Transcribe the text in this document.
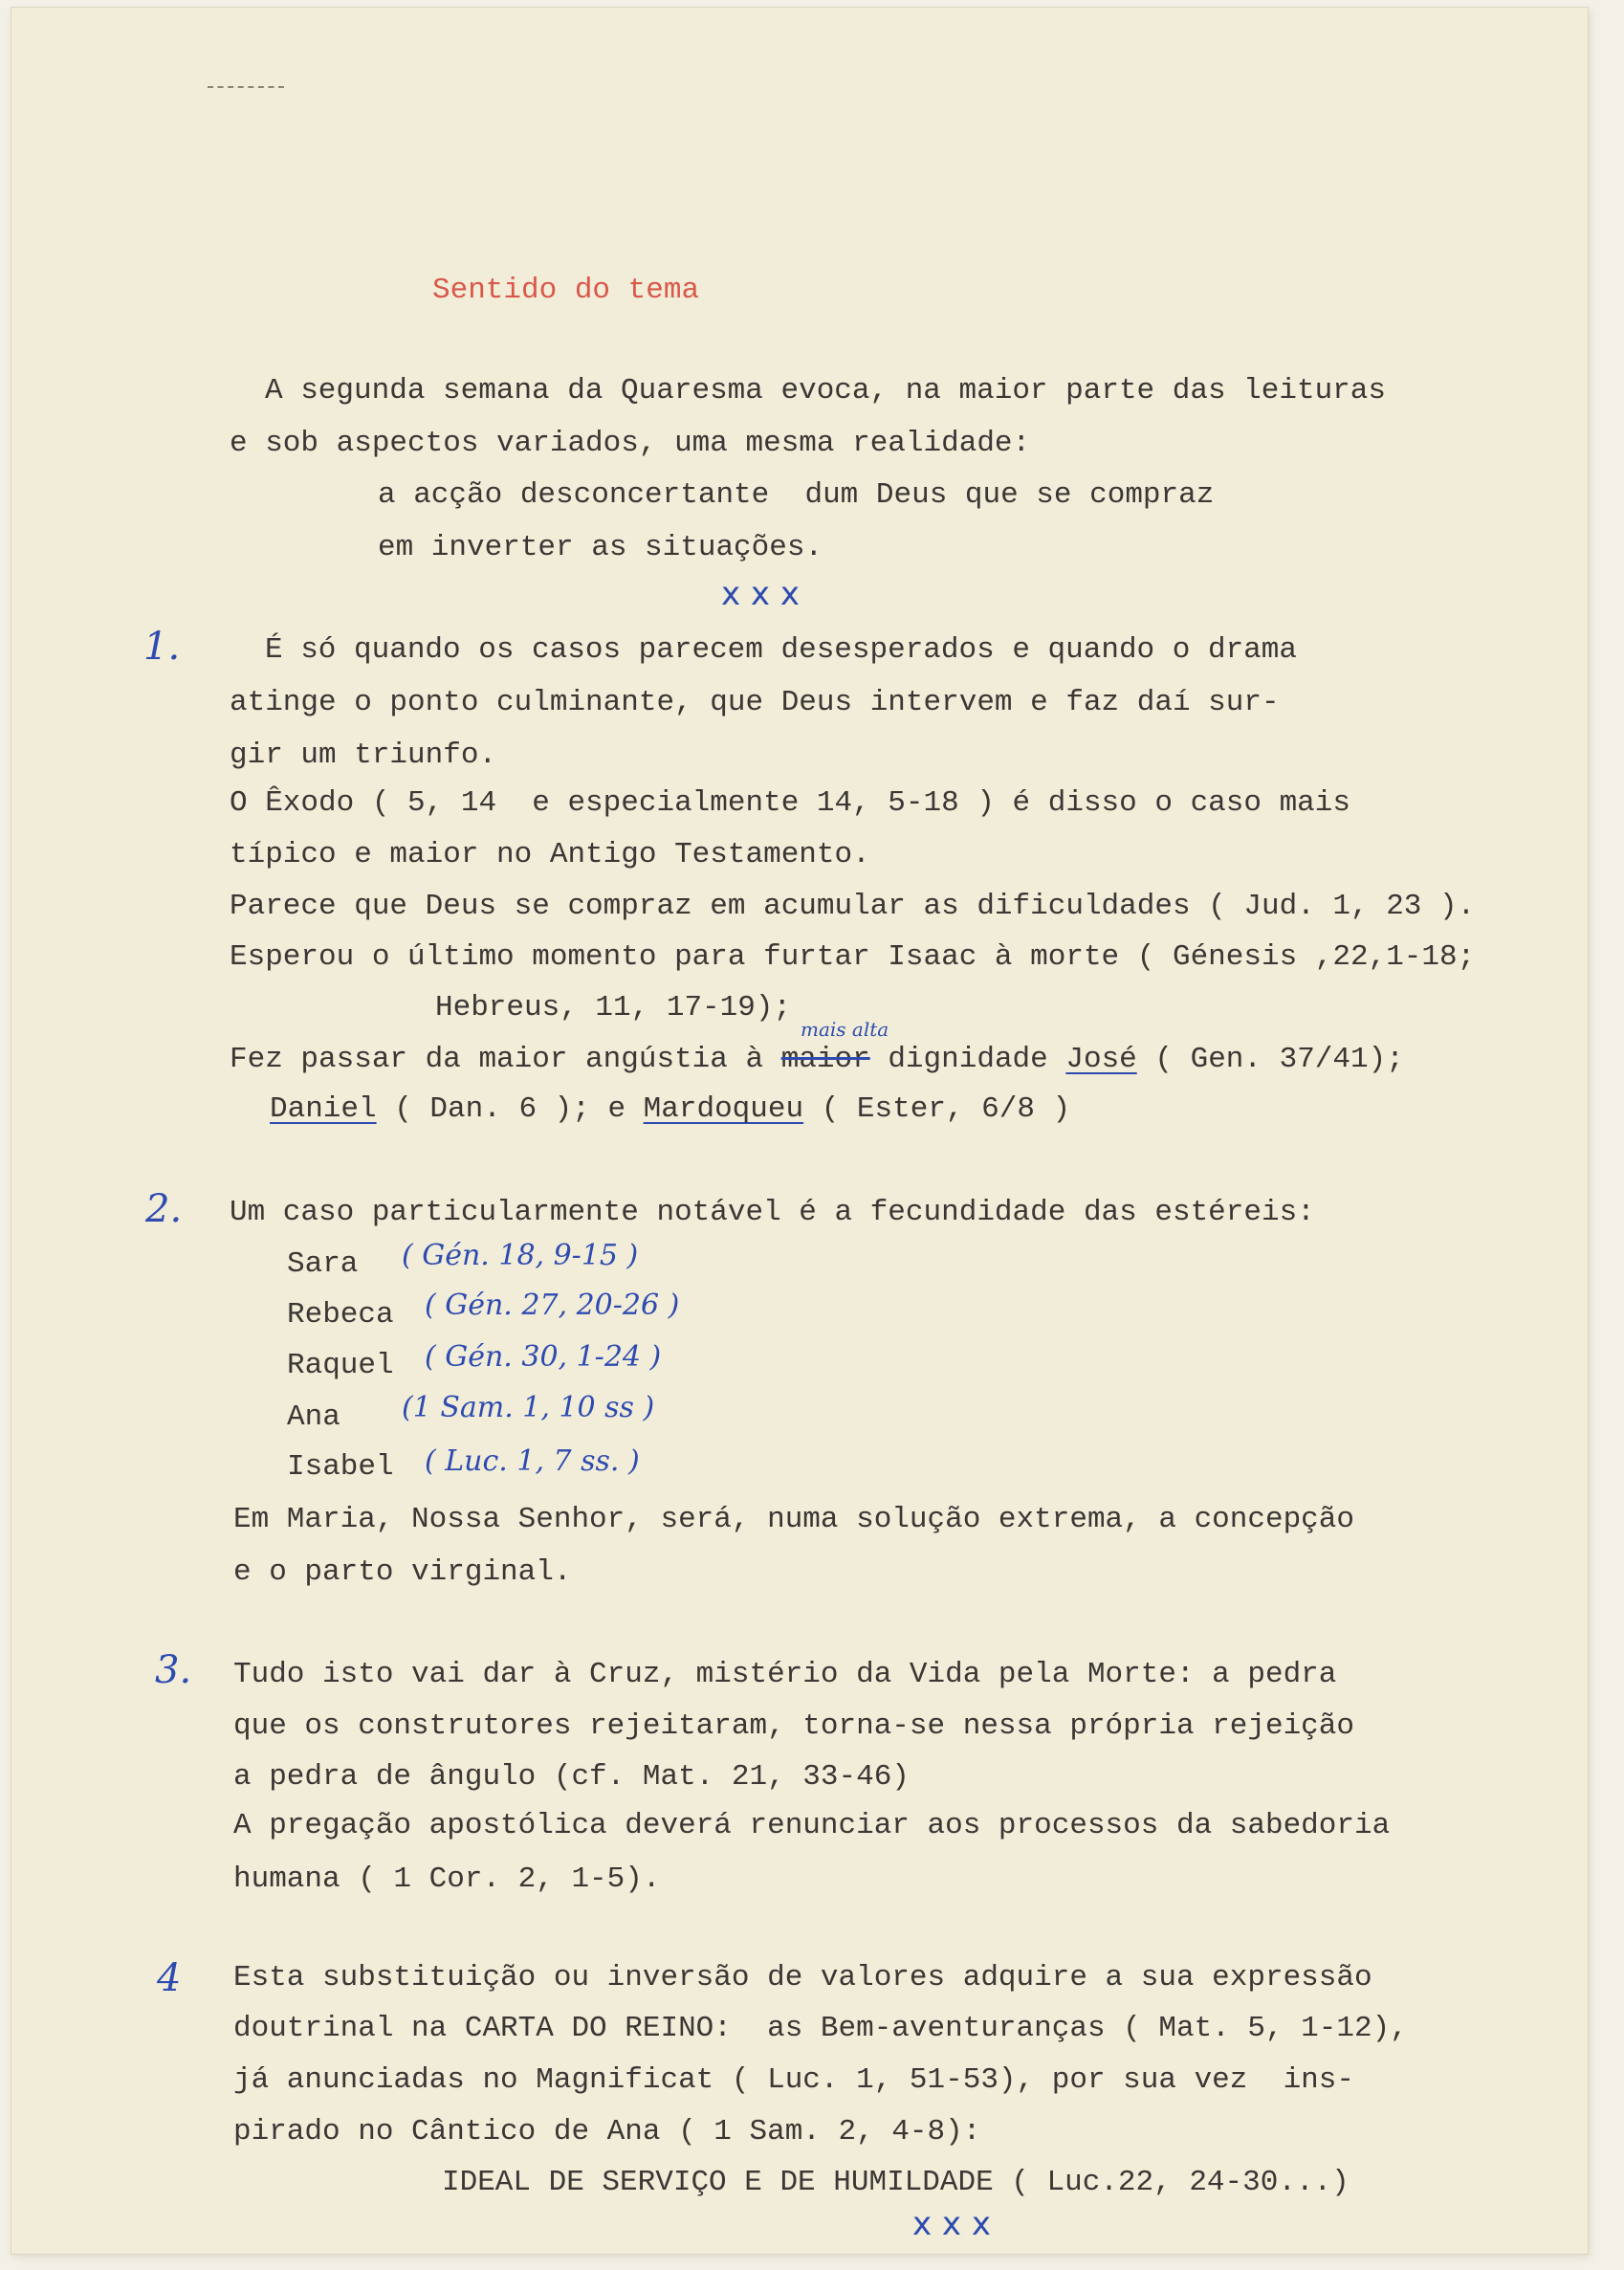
Sentido do tema
A segunda semana da Quaresma evoca, na maior parte das leituras
e sob aspectos variados, uma mesma realidade:
a acção desconcertante  dum Deus que se compraz
em inverter as situações.
x x x
1.	É só quando os casos parecem desesperados e quando o drama
atinge o ponto culminante, que Deus intervem e faz daí sur-
gir um triunfo.
O Êxodo ( 5, 14  e especialmente 14, 5-18 ) é disso o caso mais
típico e maior no Antigo Testamento.
Parece que Deus se compraz em acumular as dificuldades ( Jud. 1, 23 ).
Esperou o último momento para furtar Isaac à morte ( Génesis ,22,1-18;
Hebreus, 11, 17-19);
mais alta
Fez passar da maior angústia à maior dignidade José ( Gen. 37/41);
Daniel ( Dan. 6 ); e Mardoqueu ( Ester, 6/8 )
2. Um caso particularmente notável é a fecundidade das estéreis:
Sara ( Gén. 18, 9-15 )
Rebeca ( Gén. 27, 20-26 )
Raquel ( Gén. 30, 1-24 )
Ana (1 Sam. 1, 10 ss )
Isabel ( Luc. 1, 7 ss. )
Em Maria, Nossa Senhor, será, numa solução extrema, a concepção
e o parto virginal.
3. Tudo isto vai dar à Cruz, mistério da Vida pela Morte: a pedra
que os construtores rejeitaram, torna-se nessa própria rejeição
a pedra de ângulo (cf. Mat. 21, 33-46)
A pregação apostólica deverá renunciar aos processos da sabedoria
humana ( 1 Cor. 2, 1-5).
4 Esta substituição ou inversão de valores adquire a sua expressão
doutrinal na CARTA DO REINO:  as Bem-aventuranças ( Mat. 5, 1-12),
já anunciadas no Magnificat ( Luc. 1, 51-53), por sua vez  ins-
pirado no Cântico de Ana ( 1 Sam. 2, 4-8):
IDEAL DE SERVIÇO E DE HUMILDADE ( Luc.22, 24-30...)
x x x
